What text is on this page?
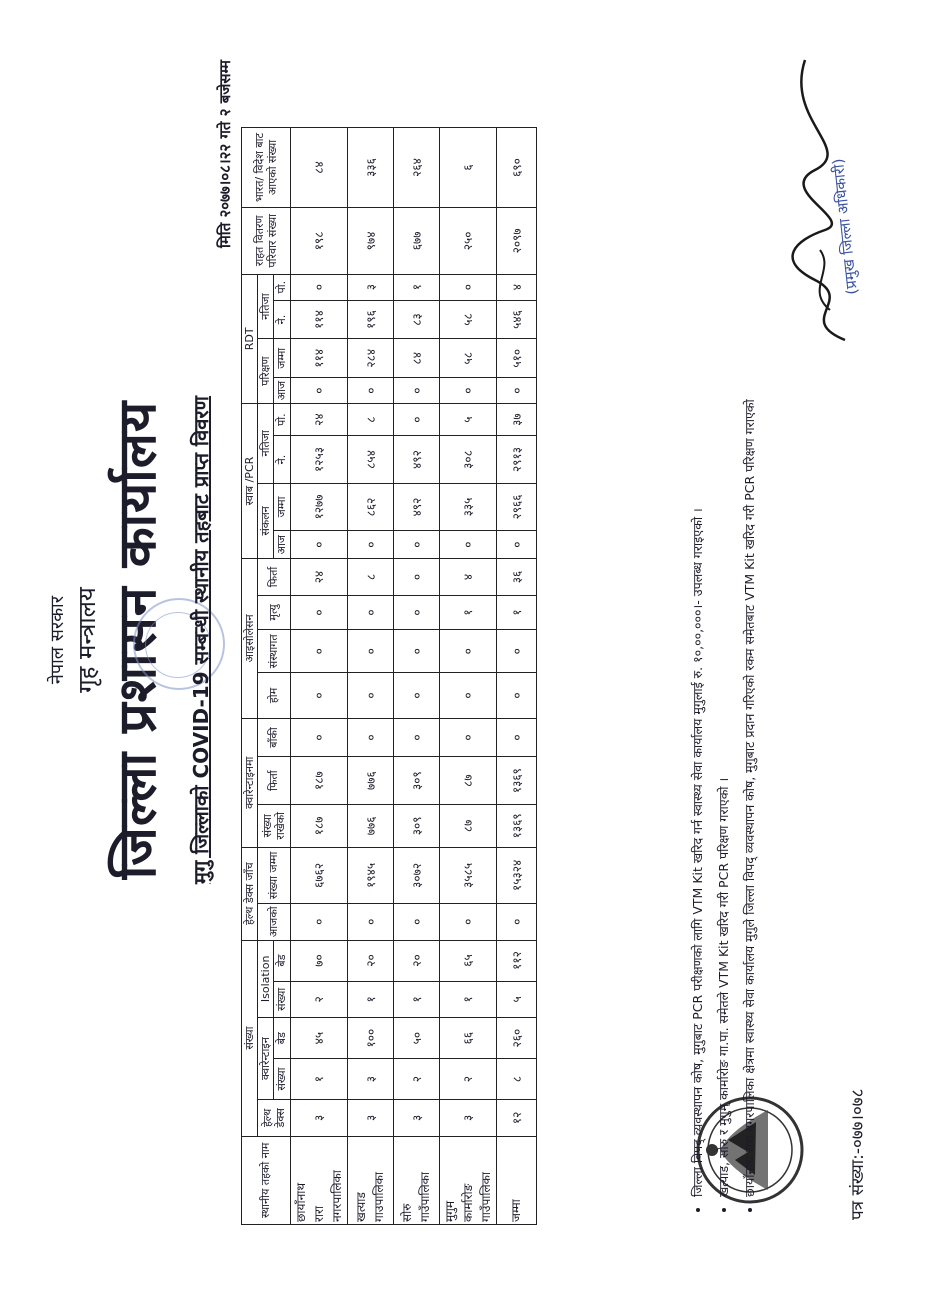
पत्र संख्या:-०७७।०७८
नेपाल सरकार गृह मन्त्रालय जिल्ला प्रशासन कार्यालय मुगु जिल्लाको COVID-19 सम्बन्धी स्थानीय तहबाट प्राप्त विवरण
मिति २०७७।०८।२२ गते २ बजेसम्म
स्थानीय तहको नाम	संख्या					हेल्थ डेक्स जाँच		क्वारेन्टाइनमा			आइसोलेसन				स्वाब /PCR				RDT				राहत वितरण परिवार संख्या	भारत/ विदेश बाट आएको संख्या
	हेल्थ डेक्स	क्वारेन्टाइन		Isolation		आजको	संख्या जम्मा	संख्या राखेको	फिर्ता	बाँकी	होम	संस्थागत	मृत्यु	फिर्ता	संकलन		नतिजा		परिक्षण		नतिजा			
		संख्या	बेड	संख्या	बेड										आज	जम्मा	ने.	पो.	आज	जम्मा	ने.	पो.		
छायाँनाथ रारा नगरपालिका	३	१	४५	२	७०	०	६७६२	१८७	१८७	०	०	०	०	२४	०	१२७७	१२५३	२४	०	११४	११४	०	१९८	८४
खत्याड गाउपालिका	३	३	१००	१	२०	०	१९४५	७७६	७७६	०	०	०	०	८	०	८६२	८५४	८	०	२८४	१९६	३	९७४	३३६
सोरु गाउँपालिका	३	२	५०	१	२०	०	३०७२	३०९	३०९	०	०	०	०	०	०	४९२	४९२	०	०	८४	८३	१	६७७	२६४
मुगुम कार्मारोङ गाउँपालिका	३	२	६६	१	६५	०	३५८५	८७	८७	०	०	०	१	४	०	३३५	३०८	५	०	५८	५८	०	२५०	६
जम्मा	१२	८	२६०	५	११२	०	१५३२४	१३६९	१३६९	०	०	०	१	३६	०	२९६६	२९१३	३७	०	५१०	५४६	४	२०९७	६९०
• जिल्ला विपद् व्यवस्थापन कोष, मुगुबाट PCR परीक्षणको लागि VTM Kit खरिद गर्न स्वास्थ्य सेवा कार्यालय मुगुलाई रु. १०,००,०००।- उपलब्ध गराइएको । • खत्याड, सोरु र मुगुम् कार्मारोङ गा.पा. समेतले VTM Kit खरिद गरी PCR परिक्षण गराएको । • छायाँनाथ रारा नगरपालिका क्षेत्रमा स्वास्थ्य सेवा कार्यालय मुगुले जिल्ला विपद् व्यवस्थापन कोष, मुगुबाट प्रदान गरिएको रकम समेतबाट VTM Kit खरिद गरी PCR परिक्षण गराएको
(प्रमुख जिल्ला अधिकारी)
